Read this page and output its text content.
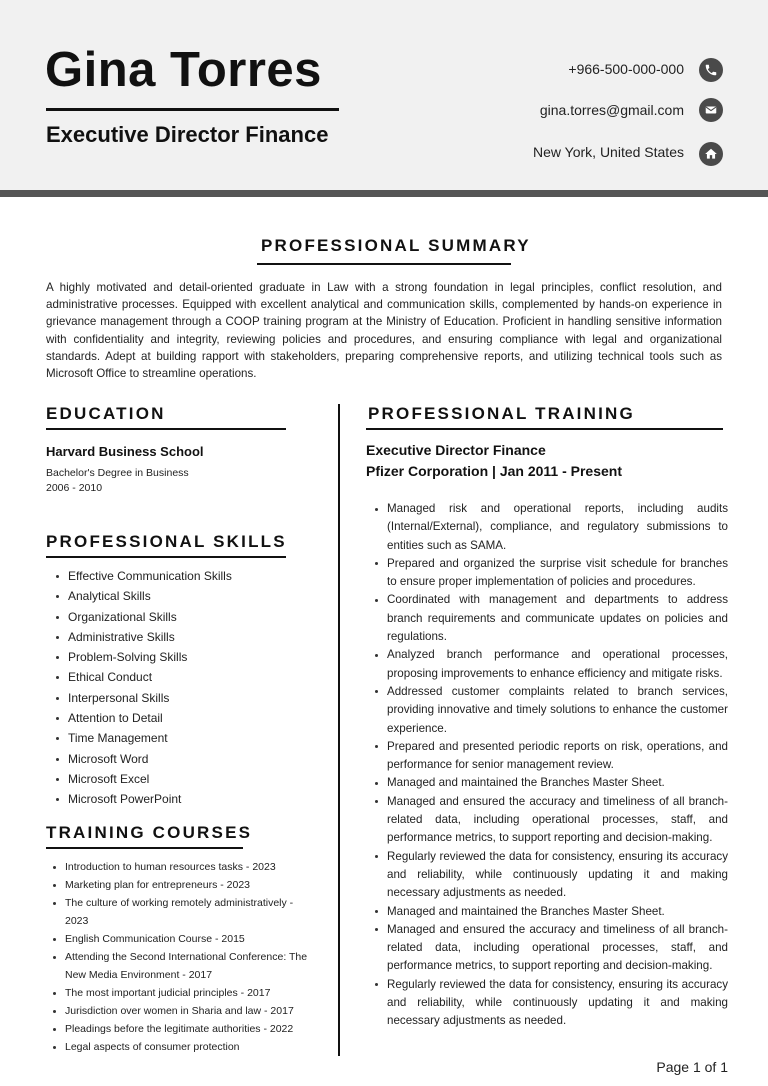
Gina Torres
Executive Director Finance
+966-500-000-000
gina.torres@gmail.com
New York, United States
PROFESSIONAL SUMMARY

A highly motivated and detail-oriented graduate in Law with a strong foundation in legal principles, conflict resolution, and administrative processes. Equipped with excellent analytical and communication skills, complemented by hands-on experience in grievance management through a COOP training program at the Ministry of Education. Proficient in handling sensitive information with confidentiality and integrity, reviewing policies and procedures, and ensuring compliance with legal and organizational standards. Adept at building rapport with stakeholders, preparing comprehensive reports, and utilizing technical tools such as Microsoft Office to streamline operations.

EDUCATION
Harvard Business School
Bachelor's Degree in Business
2006 - 2010
PROFESSIONAL SKILLS
Effective Communication Skills
Analytical Skills
Organizational Skills
Administrative Skills
Problem-Solving Skills
Ethical Conduct
Interpersonal Skills
Attention to Detail
Time Management
Microsoft Word
Microsoft Excel
Microsoft PowerPoint
TRAINING COURSES
Introduction to human resources tasks - 2023
Marketing plan for entrepreneurs - 2023
The culture of working remotely administratively - 2023
English Communication Course - 2015
Attending the Second International Conference: The New Media Environment - 2017
The most important judicial principles - 2017
Jurisdiction over women in Sharia and law - 2017
Pleadings before the legitimate authorities - 2022
Legal aspects of consumer protection
PROFESSIONAL TRAINING
Executive Director Finance
Pfizer Corporation | Jan 2011 - Present
Managed risk and operational reports, including audits (Internal/External), compliance, and regulatory submissions to entities such as SAMA.
Prepared and organized the surprise visit schedule for branches to ensure proper implementation of policies and procedures.
Coordinated with management and departments to address branch requirements and communicate updates on policies and regulations.
Analyzed branch performance and operational processes, proposing improvements to enhance efficiency and mitigate risks.
Addressed customer complaints related to branch services, providing innovative and timely solutions to enhance the customer experience.
Prepared and presented periodic reports on risk, operations, and performance for senior management review.
Managed and maintained the Branches Master Sheet.
Managed and ensured the accuracy and timeliness of all branch-related data, including operational processes, staff, and performance metrics, to support reporting and decision-making.
Regularly reviewed the data for consistency, ensuring its accuracy and reliability, while continuously updating it and making necessary adjustments as needed.
Managed and maintained the Branches Master Sheet.
Managed and ensured the accuracy and timeliness of all branch-related data, including operational processes, staff, and performance metrics, to support reporting and decision-making.
Regularly reviewed the data for consistency, ensuring its accuracy and reliability, while continuously updating it and making necessary adjustments as needed.
Page 1 of 1
